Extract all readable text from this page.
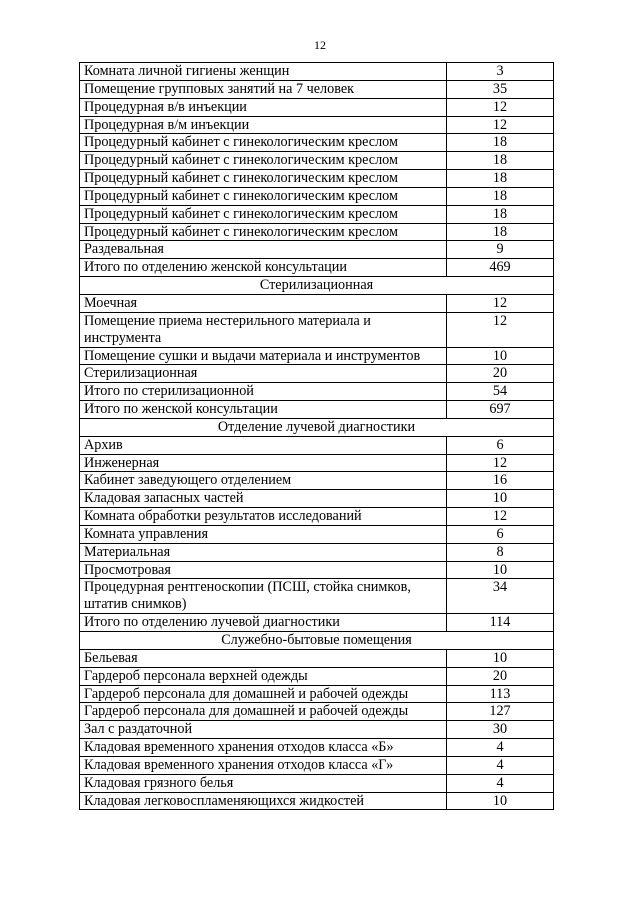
12
Комната личной гигиены женщин	3
Помещение групповых занятий на 7 человек	35
Процедурная в/в инъекции	12
Процедурная в/м инъекции	12
Процедурный кабинет с гинекологическим креслом	18
Процедурный кабинет с гинекологическим креслом	18
Процедурный кабинет с гинекологическим креслом	18
Процедурный кабинет с гинекологическим креслом	18
Процедурный кабинет с гинекологическим креслом	18
Процедурный кабинет с гинекологическим креслом	18
Раздевальная	9
Итого по отделению женской консультации	469
Стерилизационная	
Моечная	12
Помещение приема нестерильного материала и инструмента	12
Помещение сушки и выдачи материала и инструментов	10
Стерилизационная	20
Итого по стерилизационной	54
Итого по женской консультации	697
Отделение лучевой диагностики	
Архив	6
Инженерная	12
Кабинет заведующего отделением	16
Кладовая запасных частей	10
Комната обработки результатов исследований	12
Комната управления	6
Материальная	8
Просмотровая	10
Процедурная рентгеноскопии (ПСШ, стойка снимков, штатив снимков)	34
Итого по отделению лучевой диагностики	114
Служебно-бытовые помещения	
Бельевая	10
Гардероб персонала верхней одежды	20
Гардероб персонала для домашней и рабочей одежды	113
Гардероб персонала для домашней и рабочей одежды	127
Зал с раздаточной	30
Кладовая временного хранения отходов класса «Б»	4
Кладовая временного хранения отходов класса «Г»	4
Кладовая грязного белья	4
Кладовая легковоспламеняющихся жидкостей	10
